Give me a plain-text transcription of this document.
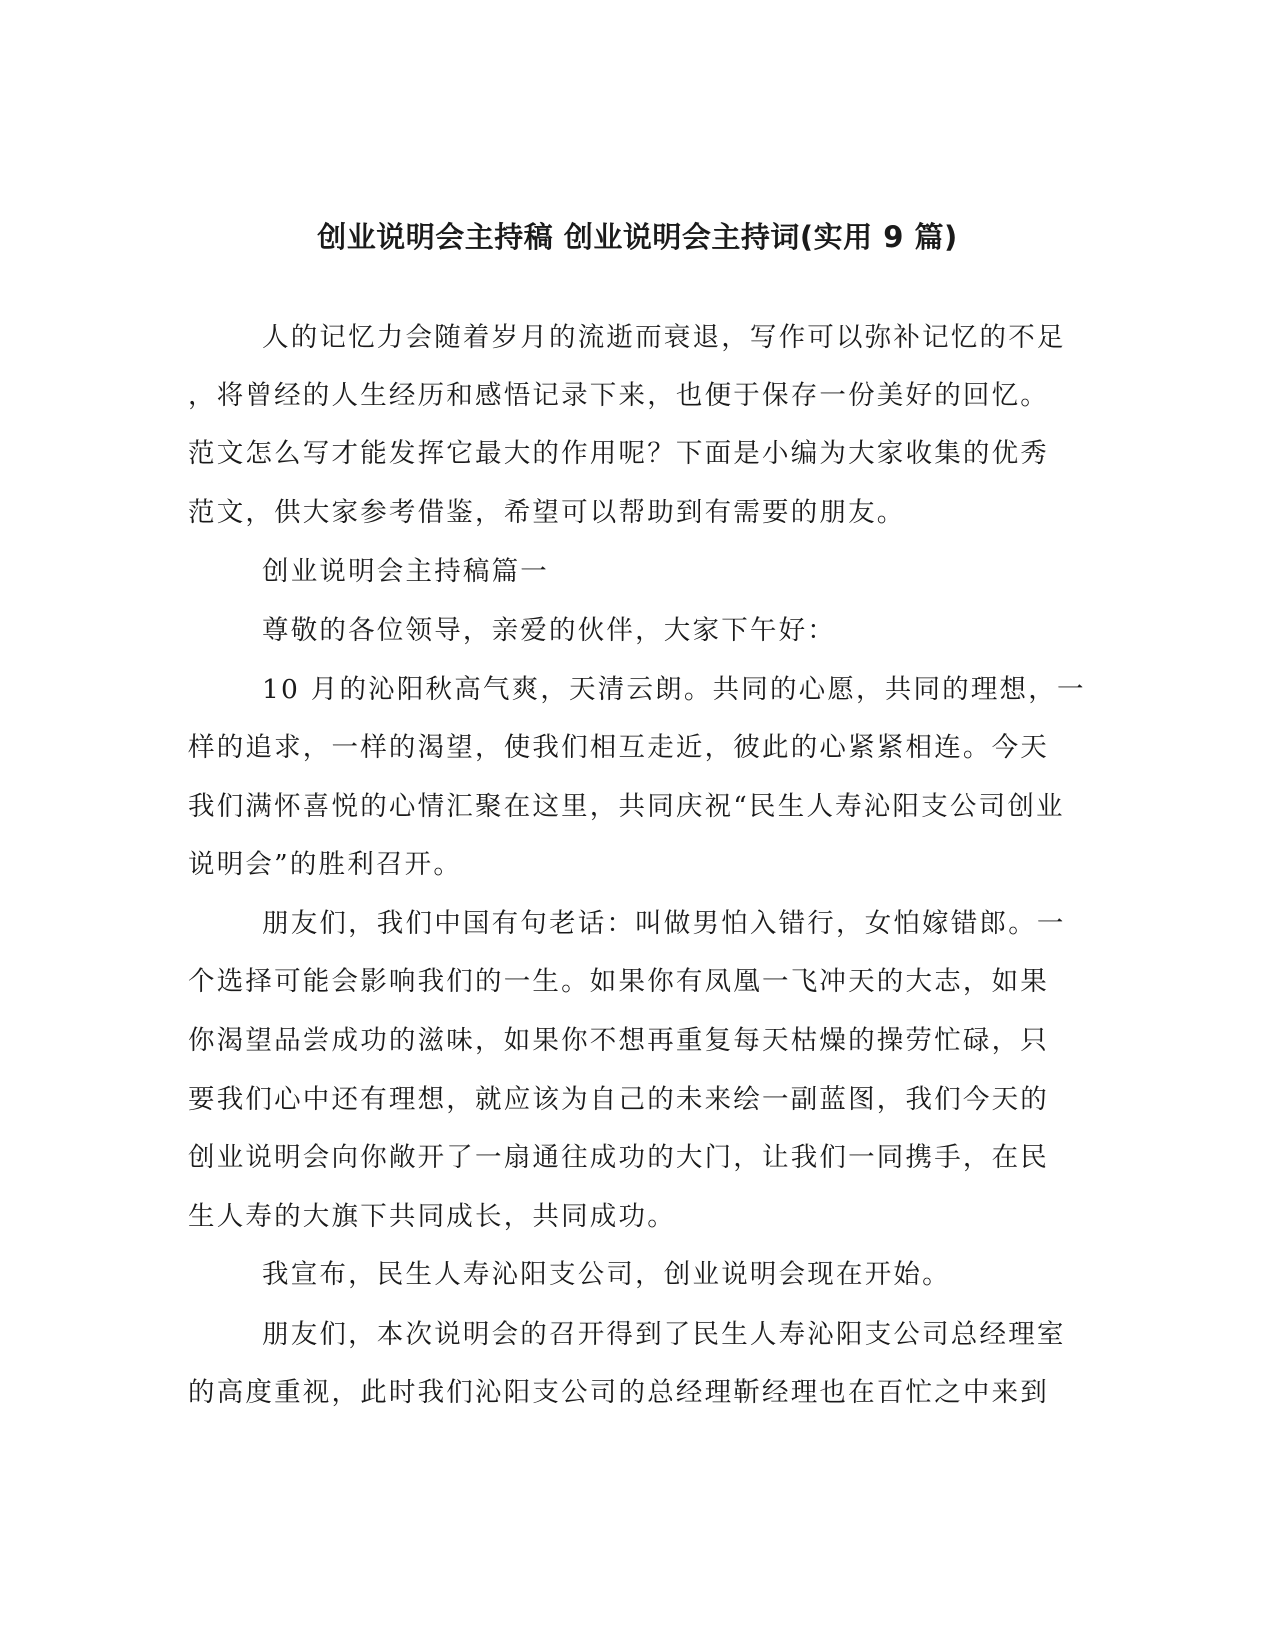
创业说明会主持稿 创业说明会主持词(实用 9 篇)
人的记忆力会随着岁月的流逝而衰退，写作可以弥补记忆的不足
，将曾经的人生经历和感悟记录下来，也便于保存一份美好的回忆。
范文怎么写才能发挥它最大的作用呢？下面是小编为大家收集的优秀
范文，供大家参考借鉴，希望可以帮助到有需要的朋友。
创业说明会主持稿篇一
尊敬的各位领导，亲爱的伙伴，大家下午好：
10 月的沁阳秋高气爽，天清云朗。共同的心愿，共同的理想，一
样的追求，一样的渴望，使我们相互走近，彼此的心紧紧相连。今天
我们满怀喜悦的心情汇聚在这里，共同庆祝“民生人寿沁阳支公司创业
说明会”的胜利召开。
朋友们，我们中国有句老话：叫做男怕入错行，女怕嫁错郎。一
个选择可能会影响我们的一生。如果你有凤凰一飞冲天的大志，如果
你渴望品尝成功的滋味，如果你不想再重复每天枯燥的操劳忙碌，只
要我们心中还有理想，就应该为自己的未来绘一副蓝图，我们今天的
创业说明会向你敞开了一扇通往成功的大门，让我们一同携手，在民
生人寿的大旗下共同成长，共同成功。
我宣布，民生人寿沁阳支公司，创业说明会现在开始。
朋友们，本次说明会的召开得到了民生人寿沁阳支公司总经理室
的高度重视，此时我们沁阳支公司的总经理靳经理也在百忙之中来到
